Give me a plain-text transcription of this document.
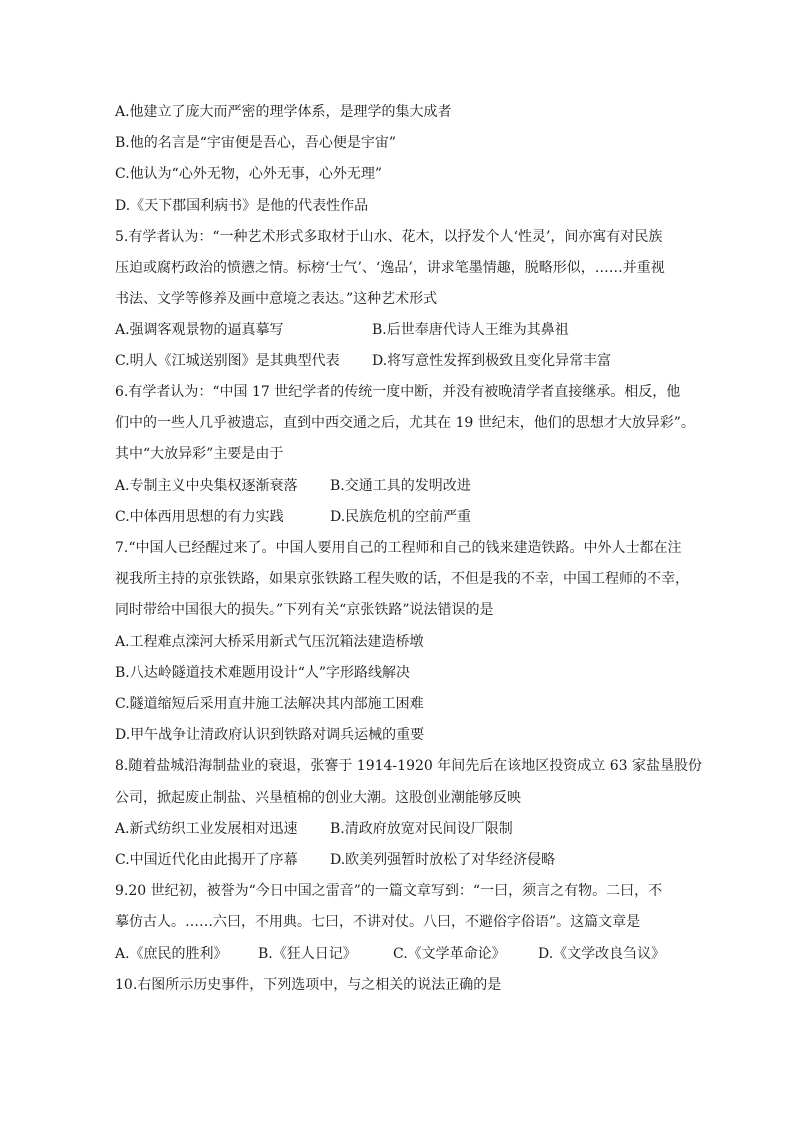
A.他建立了庞大而严密的理学体系，是理学的集大成者
B.他的名言是“宇宙便是吾心，吾心便是宇宙”
C.他认为“心外无物，心外无事，心外无理”
D.《天下郡国利病书》是他的代表性作品
5.有学者认为：“一种艺术形式多取材于山水、花木，以抒发个人‘性灵’，间亦寓有对民族
压迫或腐朽政治的愤懑之情。标榜‘士气’、‘逸品’，讲求笔墨情趣，脱略形似，……并重视
书法、文学等修养及画中意境之表达。”这种艺术形式
A.强调客观景物的逼真摹写	B.后世奉唐代诗人王维为其鼻祖
C.明人《江城送别图》是其典型代表 D.将写意性发挥到极致且变化异常丰富
6.有学者认为：“中国 17 世纪学者的传统一度中断，并没有被晚清学者直接继承。相反，他
们中的一些人几乎被遗忘，直到中西交通之后，尤其在 19 世纪末，他们的思想才大放异彩”。
其中“大放异彩”主要是由于
A.专制主义中央集权逐渐衰落 B.交通工具的发明改进
C.中体西用思想的有力实践	D.民族危机的空前严重
7.“中国人已经醒过来了。中国人要用自己的工程师和自己的钱来建造铁路。中外人士都在注
视我所主持的京张铁路，如果京张铁路工程失败的话，不但是我的不幸，中国工程师的不幸，
同时带给中国很大的损失。”下列有关“京张铁路”说法错误的是
A.工程难点滦河大桥采用新式气压沉箱法建造桥墩
B.八达岭隧道技术难题用设计“人”字形路线解决
C.隧道缩短后采用直井施工法解决其内部施工困难
D.甲午战争让清政府认识到铁路对调兵运械的重要
8.随着盐城沿海制盐业的衰退，张謇于 1914-1920 年间先后在该地区投资成立 63 家盐垦股份
公司，掀起废止制盐、兴垦植棉的创业大潮。这股创业潮能够反映
A.新式纺织工业发展相对迅速 B.清政府放宽对民间设厂限制
C.中国近代化由此揭开了序幕 D.欧美列强暂时放松了对华经济侵略
9.20 世纪初，被誉为“今日中国之雷音”的一篇文章写到：“一曰，须言之有物。二曰，不
摹仿古人。……六曰，不用典。七曰，不讲对仗。八曰，不避俗字俗语”。这篇文章是
A.《庶民的胜利》 B.《狂人日记》	C.《文学革命论》 D.《文学改良刍议》
10.右图所示历史事件，下列选项中，与之相关的说法正确的是
